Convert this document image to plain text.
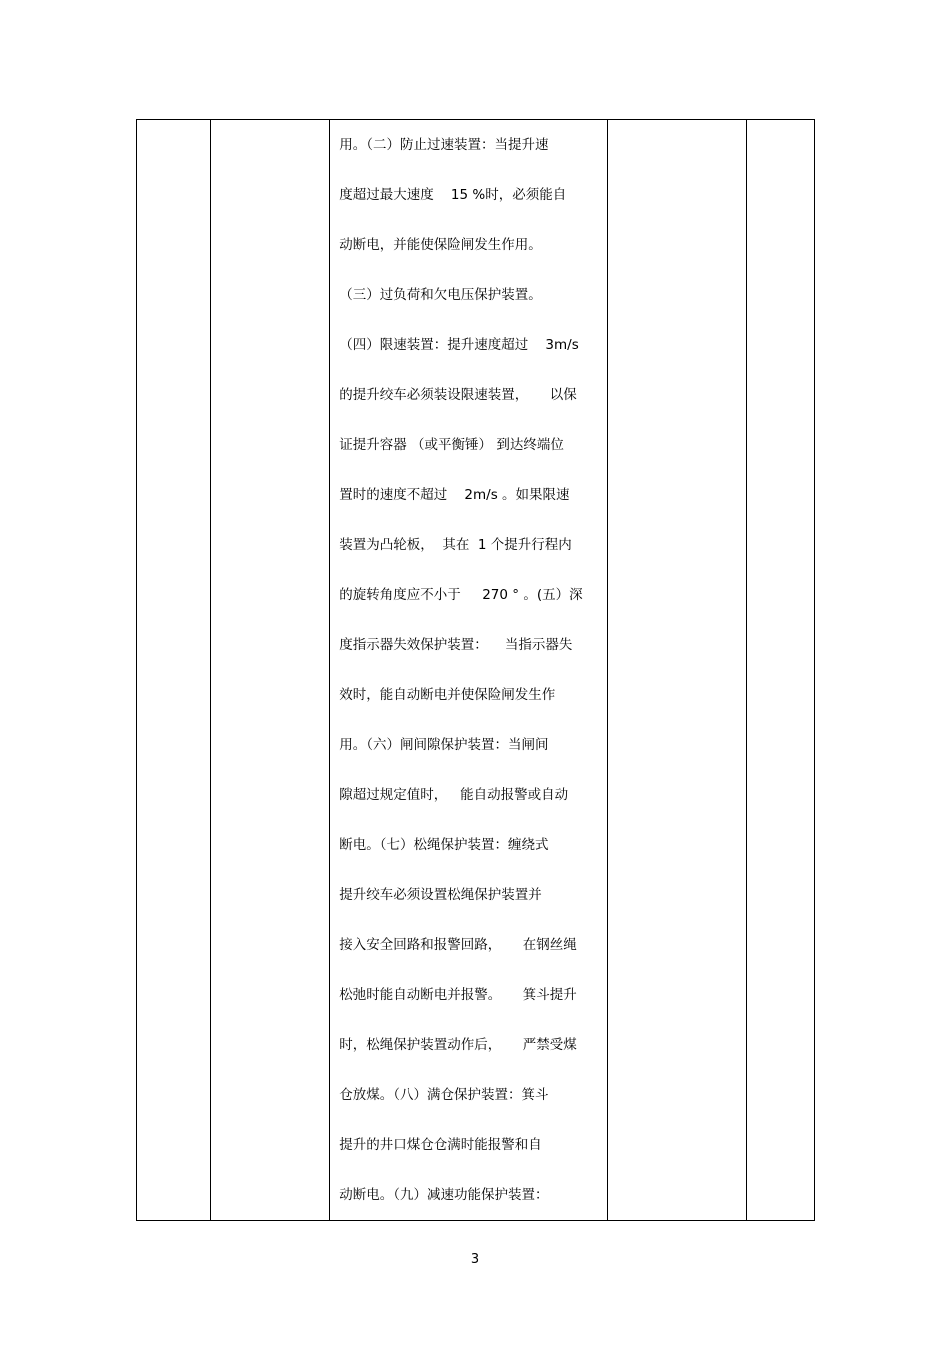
用。（二）防止过速装置：当提升速
度超过最大速度    15 %时，必须能自
动断电，并能使保险闸发生作用。
（三）过负荷和欠电压保护装置。
（四）限速装置：提升速度超过    3m/s
的提升绞车必须装设限速装置，     以保
证提升容器 （或平衡锤） 到达终端位
置时的速度不超过    2m/s 。如果限速
装置为凸轮板，  其在  1 个提升行程内
的旋转角度应不小于     270 ° 。(五）深
度指示器失效保护装置：    当指示器失
效时，能自动断电并使保险闸发生作
用。（六）闸间隙保护装置：当闸间
隙超过规定值时，   能自动报警或自动
断电。（七）松绳保护装置：缠绕式
提升绞车必须设置松绳保护装置并
接入安全回路和报警回路，     在钢丝绳
松弛时能自动断电并报警。     箕斗提升
时，松绳保护装置动作后，     严禁受煤
仓放煤。（八）满仓保护装置：箕斗
提升的井口煤仓仓满时能报警和自
动断电。（九）减速功能保护装置：

3
